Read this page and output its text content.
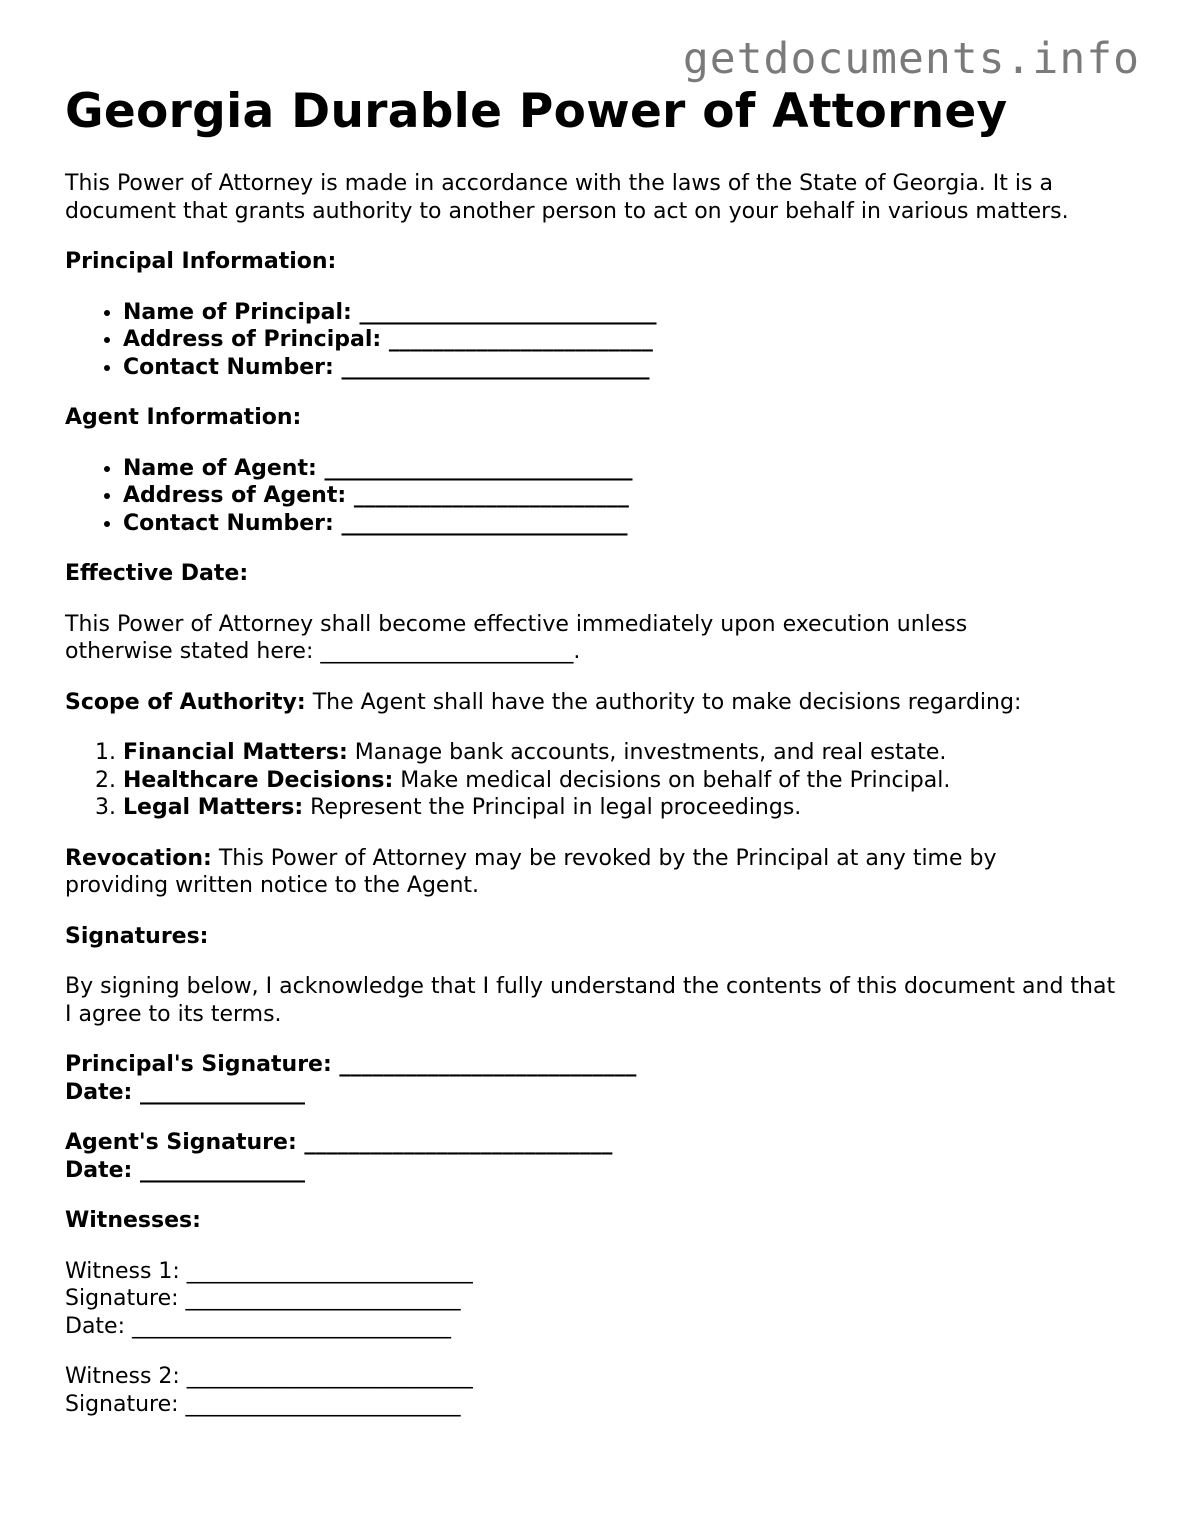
getdocuments.info
Georgia Durable Power of Attorney

This Power of Attorney is made in accordance with the laws of the State of Georgia. It is a document that grants authority to another person to act on your behalf in various matters.

Principal Information:

• Name of Principal: ___________________________
• Address of Principal: ________________________
• Contact Number: ____________________________

Agent Information:

• Name of Agent: ____________________________
• Address of Agent: _________________________
• Contact Number: __________________________

Effective Date:

This Power of Attorney shall become effective immediately upon execution unless
otherwise stated here: _______________________.

Scope of Authority: The Agent shall have the authority to make decisions regarding:

1. Financial Matters: Manage bank accounts, investments, and real estate.
2. Healthcare Decisions: Make medical decisions on behalf of the Principal.
3. Legal Matters: Represent the Principal in legal proceedings.

Revocation: This Power of Attorney may be revoked by the Principal at any time by providing written notice to the Agent.

Signatures:

By signing below, I acknowledge that I fully understand the contents of this document and that I agree to its terms.

Principal's Signature: ___________________________
Date: _______________

Agent's Signature: ____________________________
Date: _______________

Witnesses:

Witness 1: __________________________
Signature: _________________________
Date: _____________________________

Witness 2: __________________________
Signature: _________________________
